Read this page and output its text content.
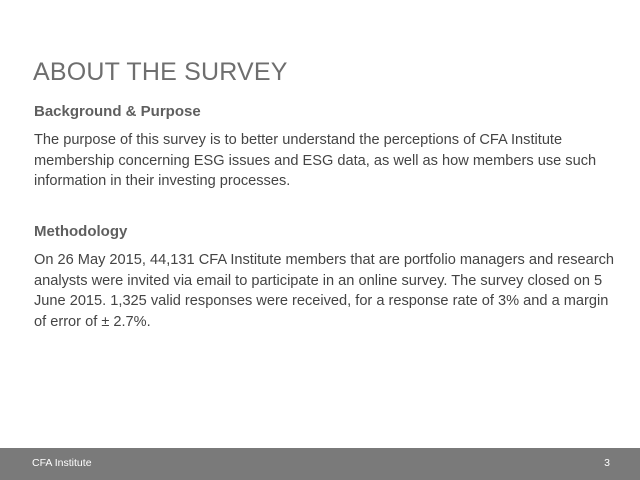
ABOUT THE SURVEY
Background & Purpose

The purpose of this survey is to better understand the perceptions of CFA Institute membership concerning ESG issues and ESG data, as well as how members use such information in their investing processes.

Methodology

On 26 May 2015, 44,131 CFA Institute members that are portfolio managers and research analysts were invited via email to participate in an online survey. The survey closed on 5 June 2015. 1,325 valid responses were received, for a response rate of 3% and a margin of error of ± 2.7%.

CFA Institute	3
